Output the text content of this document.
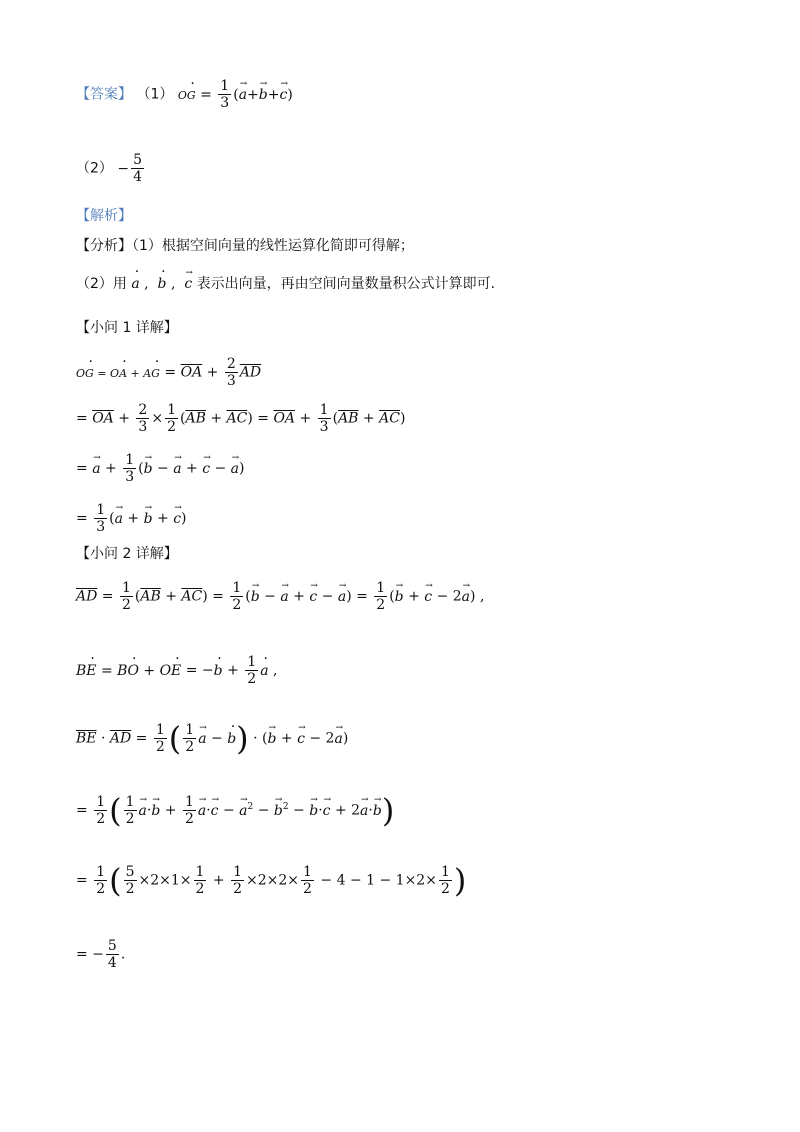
【答案】 （1） $O\cdot G = \frac{1}{3}$ (→ a+→ b+→ c)
$(2) - \frac{5}{4}$
【解析】
【分析】（1）根据空间向量的线性运算化简即可得解；
（2）用 · a ,  · b ,  → c 表示出向量，再由空间向量数量积公式计算即可.
【小问 1 详解】
$O\cdot G = O\cdot A + A\cdot G = \overline{OA} + \frac{2}{3} \overline{AD}$
= $\overline{OA} + \frac{2}{3} \times \frac{1}{2} (\overline{AB} + \overline{AC}) = \overline{OA} + \frac{1}{3} (\overline{AB} + \overline{AC})$
= → $a + \frac{1}{3}$ (→ b − → a + → c − → a)
= $\frac{1}{3}$ (→ a + → b + → c)
【小问 2 详解】
$\overline{AD} = \frac{1}{2} (\overline{AB} + \overline{AC}) = \frac{1}{2}$ (→ b − → a + → c − → $a) = \frac{1}{2}$ (→ b + → c − 2→ a) ,
B· E = B· O + O· E = −· $b + \frac{1}{2} \cdot a$ ,
$\overline{BE} \cdot \overline{AD} = \frac{1}{2}$ ( $\frac{1}{2} \to a$ − · b) · (→ b + → c − 2→ a)
= $\frac{1}{2}$ ( $\frac{1}{2} \to a\cdot\to b + \frac{1}{2} \to a\cdot\to c$ − → $a^2$ − → $b^2$ − → b·→ c + 2→ a·→ b)
= $\frac{1}{2}$ ( $\frac{5}{2} \times 2\times 1\times \frac{1}{2} + \frac{1}{2} \times 2\times 2\times \frac{1}{2} - 4 - 1 - 1\times 2\times \frac{1}{2}$ )
= − $\frac{5}{4}$ .
